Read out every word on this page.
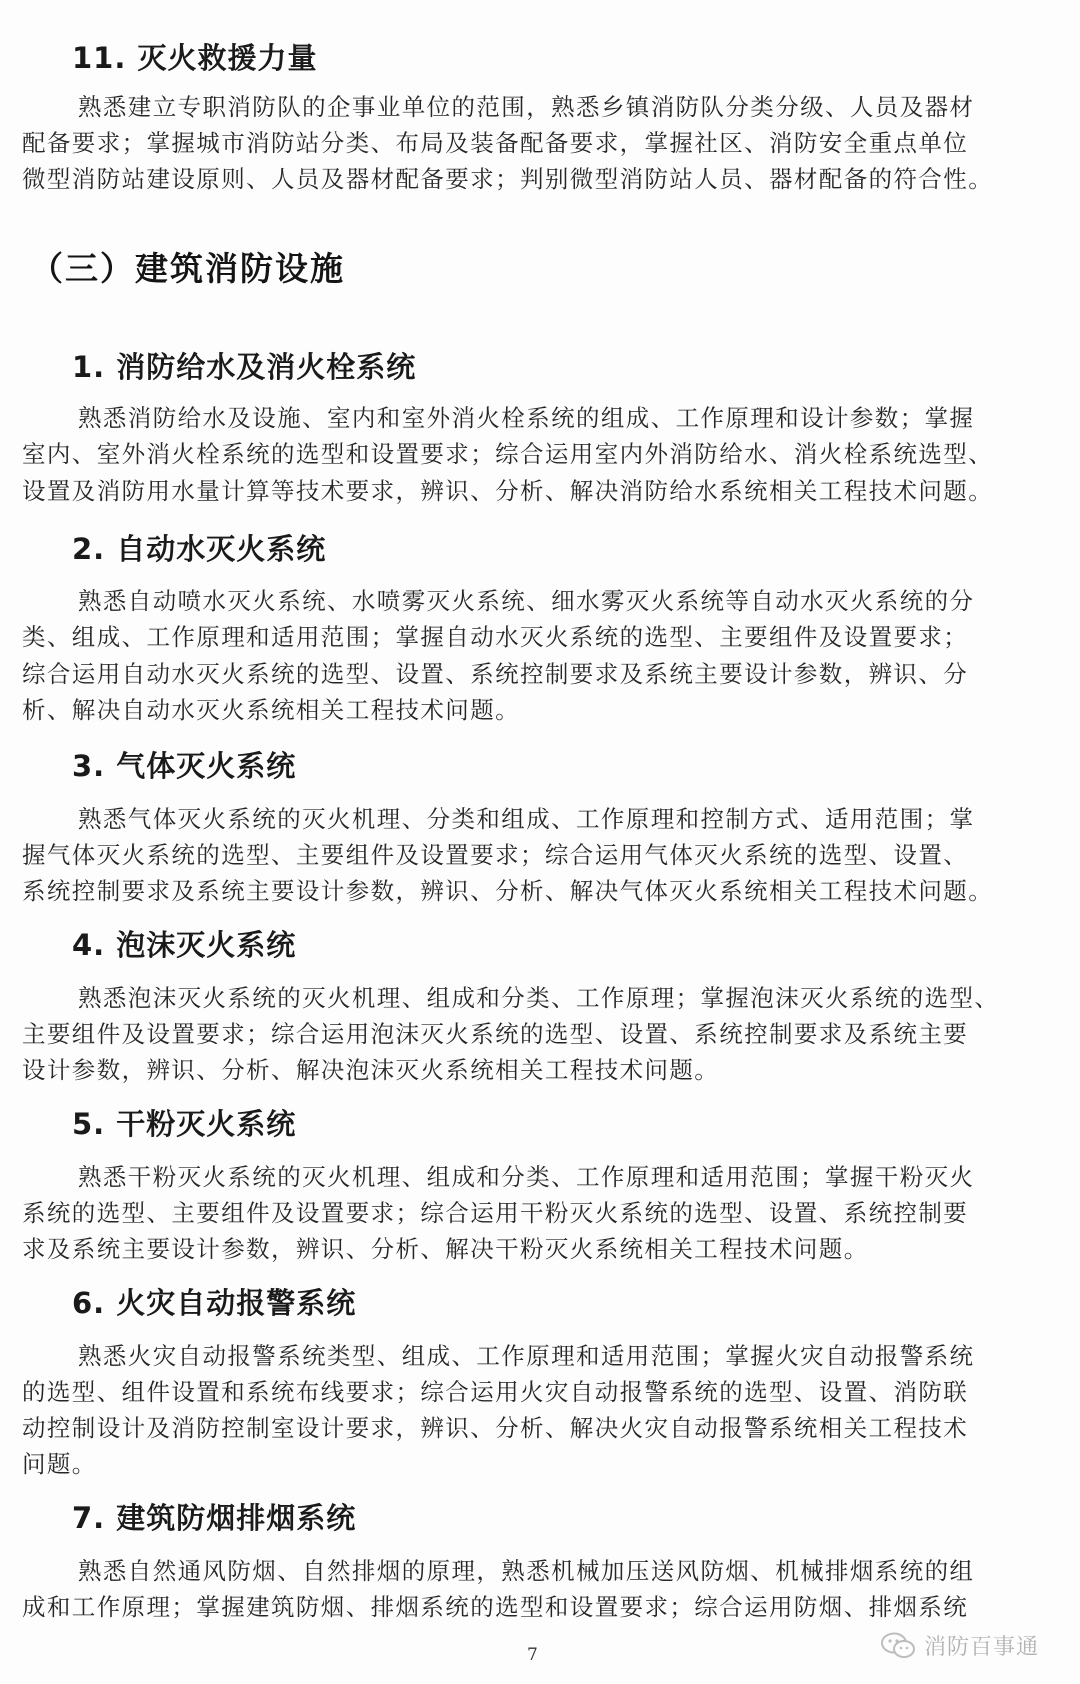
11. 灭火救援力量
熟悉建立专职消防队的企事业单位的范围，熟悉乡镇消防队分类分级、人员及器材
配备要求；掌握城市消防站分类、布局及装备配备要求，掌握社区、消防安全重点单位
微型消防站建设原则、人员及器材配备要求；判别微型消防站人员、器材配备的符合性。
（三）建筑消防设施
1. 消防给水及消火栓系统
熟悉消防给水及设施、室内和室外消火栓系统的组成、工作原理和设计参数；掌握
室内、室外消火栓系统的选型和设置要求；综合运用室内外消防给水、消火栓系统选型、
设置及消防用水量计算等技术要求，辨识、分析、解决消防给水系统相关工程技术问题。
2. 自动水灭火系统
熟悉自动喷水灭火系统、水喷雾灭火系统、细水雾灭火系统等自动水灭火系统的分
类、组成、工作原理和适用范围；掌握自动水灭火系统的选型、主要组件及设置要求；
综合运用自动水灭火系统的选型、设置、系统控制要求及系统主要设计参数，辨识、分
析、解决自动水灭火系统相关工程技术问题。
3. 气体灭火系统
熟悉气体灭火系统的灭火机理、分类和组成、工作原理和控制方式、适用范围；掌
握气体灭火系统的选型、主要组件及设置要求；综合运用气体灭火系统的选型、设置、
系统控制要求及系统主要设计参数，辨识、分析、解决气体灭火系统相关工程技术问题。
4. 泡沫灭火系统
熟悉泡沫灭火系统的灭火机理、组成和分类、工作原理；掌握泡沫灭火系统的选型、
主要组件及设置要求；综合运用泡沫灭火系统的选型、设置、系统控制要求及系统主要
设计参数，辨识、分析、解决泡沫灭火系统相关工程技术问题。
5. 干粉灭火系统
熟悉干粉灭火系统的灭火机理、组成和分类、工作原理和适用范围；掌握干粉灭火
系统的选型、主要组件及设置要求；综合运用干粉灭火系统的选型、设置、系统控制要
求及系统主要设计参数，辨识、分析、解决干粉灭火系统相关工程技术问题。
6. 火灾自动报警系统
熟悉火灾自动报警系统类型、组成、工作原理和适用范围；掌握火灾自动报警系统
的选型、组件设置和系统布线要求；综合运用火灾自动报警系统的选型、设置、消防联
动控制设计及消防控制室设计要求，辨识、分析、解决火灾自动报警系统相关工程技术
问题。
7. 建筑防烟排烟系统
熟悉自然通风防烟、自然排烟的原理，熟悉机械加压送风防烟、机械排烟系统的组
成和工作原理；掌握建筑防烟、排烟系统的选型和设置要求；综合运用防烟、排烟系统
7	消防百事通
